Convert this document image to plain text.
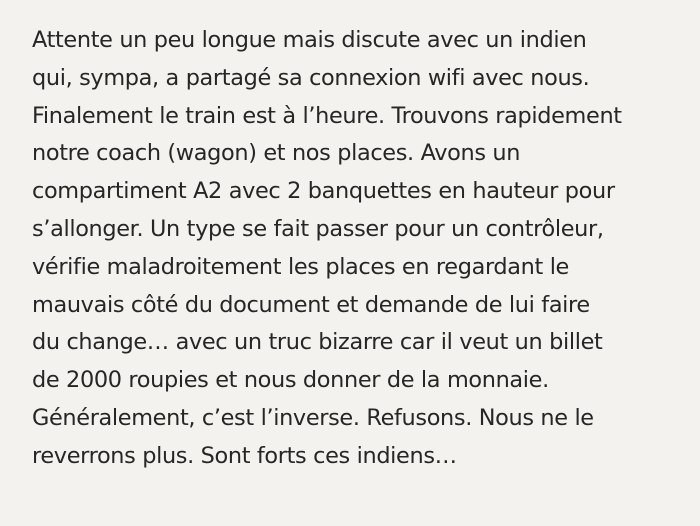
Attente un peu longue mais discute avec un indien
qui, sympa, a partagé sa connexion wifi avec nous.
Finalement le train est à l’heure. Trouvons rapidement
notre coach (wagon) et nos places. Avons un
compartiment A2 avec 2 banquettes en hauteur pour
s’allonger. Un type se fait passer pour un contrôleur,
vérifie maladroitement les places en regardant le
mauvais côté du document et demande de lui faire
du change… avec un truc bizarre car il veut un billet
de 2000 roupies et nous donner de la monnaie.
Généralement, c’est l’inverse. Refusons. Nous ne le
reverrons plus. Sont forts ces indiens…
